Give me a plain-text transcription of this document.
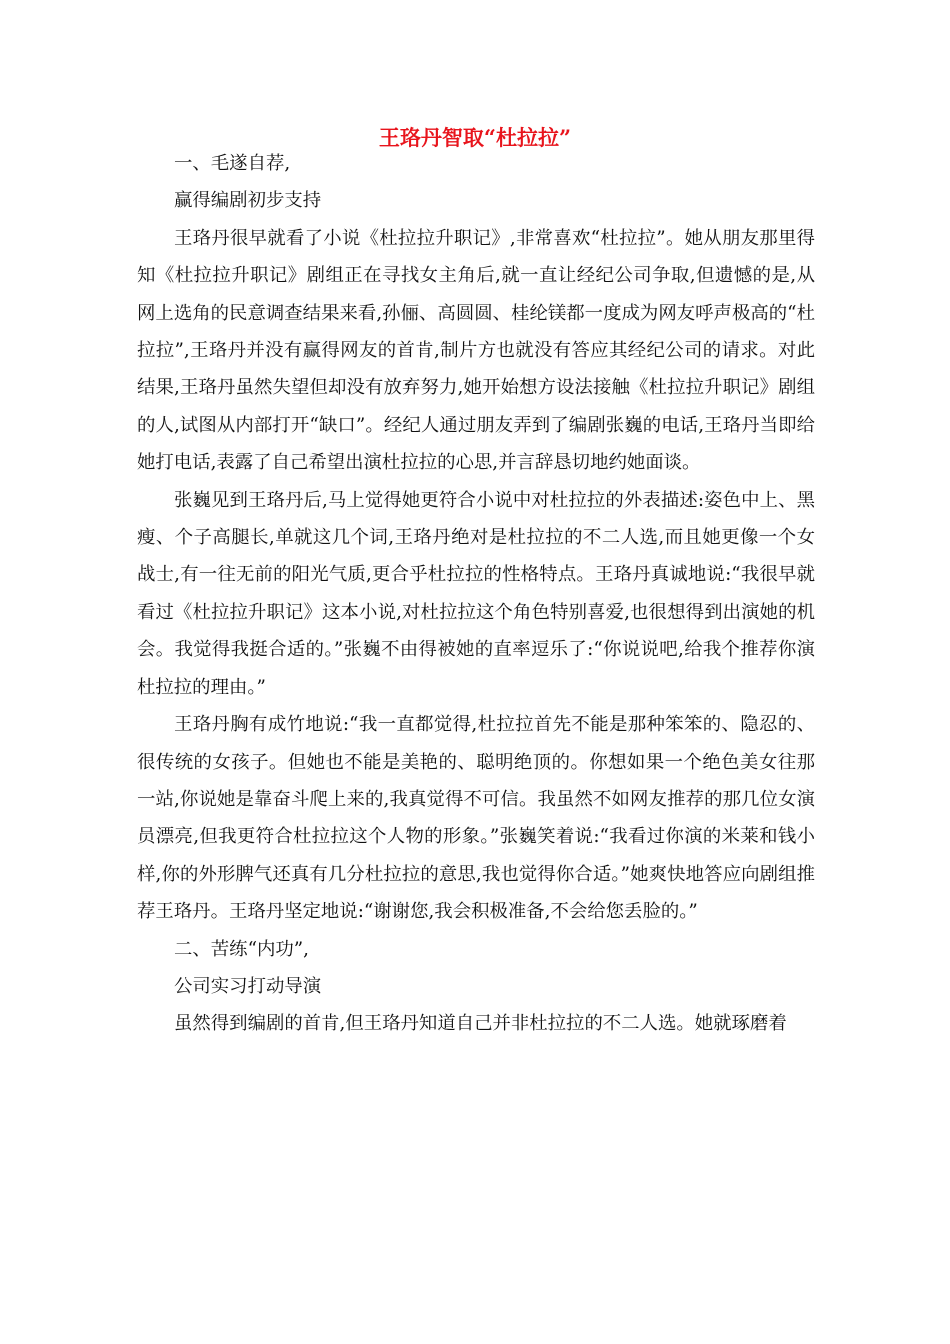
王珞丹智取“杜拉拉”

一、毛遂自荐,

赢得编剧初步支持

王珞丹很早就看了小说《杜拉拉升职记》,非常喜欢“杜拉拉”。她从朋友那里得知《杜拉拉升职记》剧组正在寻找女主角后,就一直让经纪公司争取,但遗憾的是,从网上选角的民意调查结果来看,孙俪、高圆圆、桂纶镁都一度成为网友呼声极高的“杜拉拉”,王珞丹并没有赢得网友的首肯,制片方也就没有答应其经纪公司的请求。对此结果,王珞丹虽然失望但却没有放弃努力,她开始想方设法接触《杜拉拉升职记》剧组的人,试图从内部打开“缺口”。经纪人通过朋友弄到了编剧张巍的电话,王珞丹当即给她打电话,表露了自己希望出演杜拉拉的心思,并言辞恳切地约她面谈。

张巍见到王珞丹后,马上觉得她更符合小说中对杜拉拉的外表描述:姿色中上、黑瘦、个子高腿长,单就这几个词,王珞丹绝对是杜拉拉的不二人选,而且她更像一个女战士,有一往无前的阳光气质,更合乎杜拉拉的性格特点。王珞丹真诚地说:“我很早就看过《杜拉拉升职记》这本小说,对杜拉拉这个角色特别喜爱,也很想得到出演她的机会。我觉得我挺合适的。”张巍不由得被她的直率逗乐了:“你说说吧,给我个推荐你演杜拉拉的理由。”

王珞丹胸有成竹地说:“我一直都觉得,杜拉拉首先不能是那种笨笨的、隐忍的、很传统的女孩子。但她也不能是美艳的、聪明绝顶的。你想如果一个绝色美女往那一站,你说她是靠奋斗爬上来的,我真觉得不可信。我虽然不如网友推荐的那几位女演员漂亮,但我更符合杜拉拉这个人物的形象。”张巍笑着说:“我看过你演的米莱和钱小样,你的外形脾气还真有几分杜拉拉的意思,我也觉得你合适。”她爽快地答应向剧组推荐王珞丹。王珞丹坚定地说:“谢谢您,我会积极准备,不会给您丢脸的。”

二、苦练“内功”,

公司实习打动导演

虽然得到编剧的首肯,但王珞丹知道自己并非杜拉拉的不二人选。她就琢磨着
